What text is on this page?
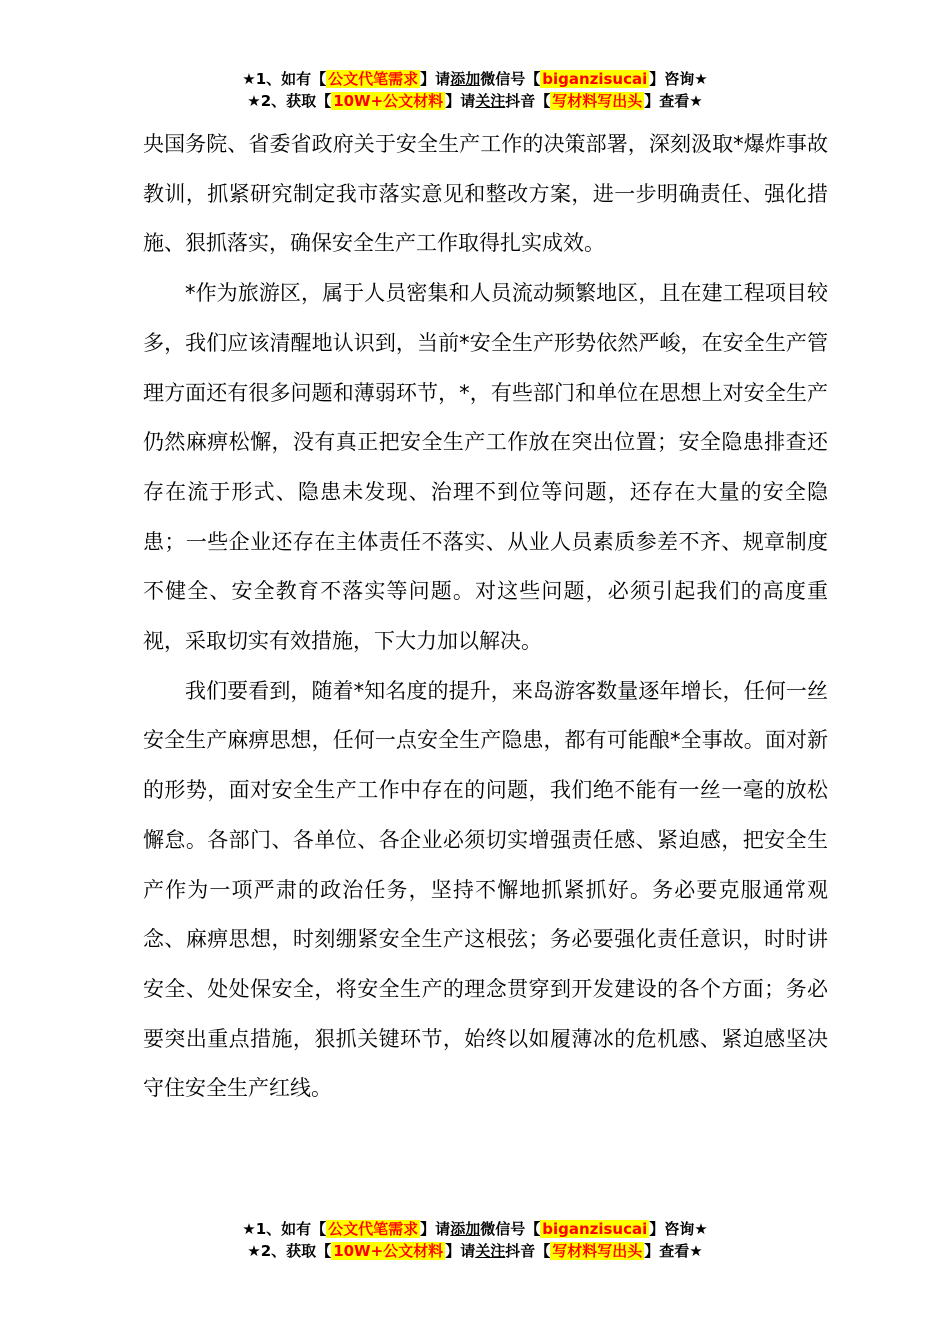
★1、如有【 公文代笔需求 】请添加微信号【 biganzisucai 】咨询★
★2、获取【 10W+公文材料 】请关注抖音【 写材料写出头 】查看★

央国务院、省委省政府关于安全生产工作的决策部署，深刻汲取*爆炸事故教训，抓紧研究制定我市落实意见和整改方案，进一步明确责任、强化措施、狠抓落实，确保安全生产工作取得扎实成效。

*作为旅游区，属于人员密集和人员流动频繁地区，且在建工程项目较多，我们应该清醒地认识到，当前*安全生产形势依然严峻，在安全生产管理方面还有很多问题和薄弱环节，*，有些部门和单位在思想上对安全生产仍然麻痹松懈，没有真正把安全生产工作放在突出位置；安全隐患排查还存在流于形式、隐患未发现、治理不到位等问题，还存在大量的安全隐患；一些企业还存在主体责任不落实、从业人员素质参差不齐、规章制度不健全、安全教育不落实等问题。对这些问题，必须引起我们的高度重视，采取切实有效措施，下大力加以解决。

我们要看到，随着*知名度的提升，来岛游客数量逐年增长，任何一丝安全生产麻痹思想，任何一点安全生产隐患，都有可能酿*全事故。面对新的形势，面对安全生产工作中存在的问题，我们绝不能有一丝一毫的放松懈怠。各部门、各单位、各企业必须切实增强责任感、紧迫感，把安全生产作为一项严肃的政治任务，坚持不懈地抓紧抓好。务必要克服通常观念、麻痹思想，时刻绷紧安全生产这根弦；务必要强化责任意识，时时讲安全、处处保安全，将安全生产的理念贯穿到开发建设的各个方面；务必要突出重点措施，狠抓关键环节，始终以如履薄冰的危机感、紧迫感坚决守住安全生产红线。

★1、如有【 公文代笔需求 】请添加微信号【 biganzisucai 】咨询★
★2、获取【 10W+公文材料 】请关注抖音【 写材料写出头 】查看★
